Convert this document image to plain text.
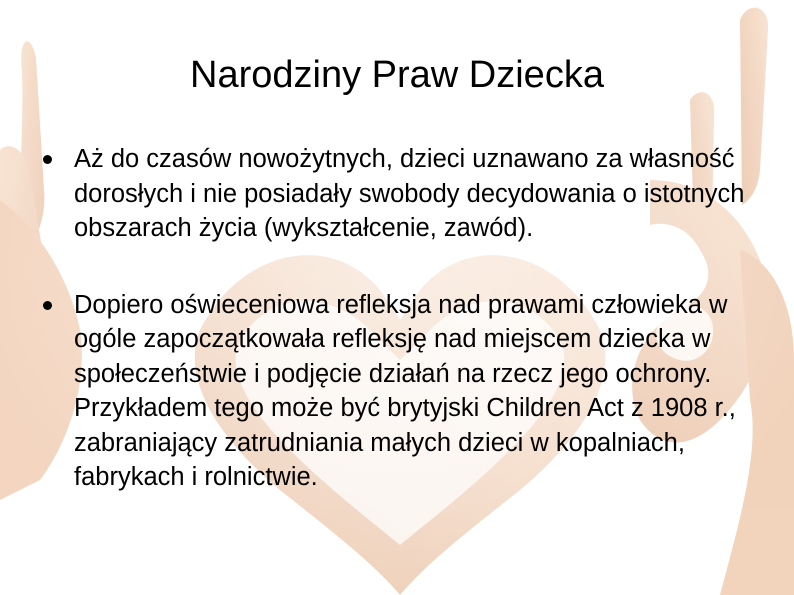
Narodziny Praw Dziecka
Aż do czasów nowożytnych, dzieci uznawano za własność dorosłych i nie posiadały swobody decydowania o istotnych obszarach życia (wykształcenie, zawód).
Dopiero oświeceniowa refleksja nad prawami człowieka w ogóle zapoczątkowała refleksję nad miejscem dziecka w społeczeństwie i podjęcie działań na rzecz jego ochrony. Przykładem tego może być brytyjski Children Act z 1908 r., zabraniający zatrudniania małych dzieci w kopalniach, fabrykach i rolnictwie.
